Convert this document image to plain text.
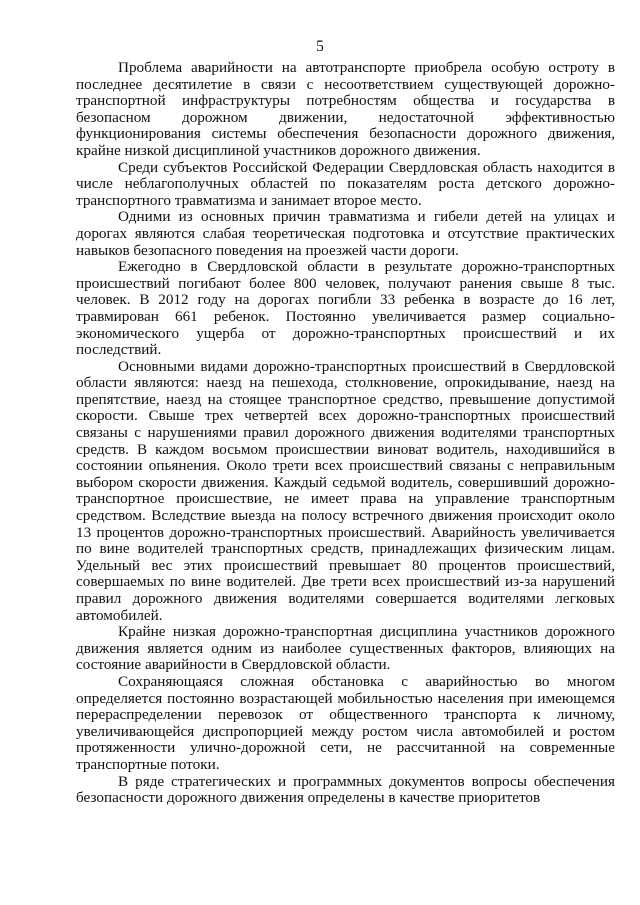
5

Проблема аварийности на автотранспорте приобрела особую остроту в последнее десятилетие в связи с несоответствием существующей дорожно-транспортной инфраструктуры потребностям общества и государства в безопасном дорожном движении, недостаточной эффективностью функционирования системы обеспечения безопасности дорожного движения, крайне низкой дисциплиной участников дорожного движения.

Среди субъектов Российской Федерации Свердловская область находится в числе неблагополучных областей по показателям роста детского дорожно-транспортного травматизма и занимает второе место.

Одними из основных причин травматизма и гибели детей на улицах и дорогах являются слабая теоретическая подготовка и отсутствие практических навыков безопасного поведения на проезжей части дороги.

Ежегодно в Свердловской области в результате дорожно-транспортных происшествий погибают более 800 человек, получают ранения свыше 8 тыс. человек. В 2012 году на дорогах погибли 33 ребенка в возрасте до 16 лет, травмирован 661 ребенок. Постоянно увеличивается размер социально-экономического ущерба от дорожно-транспортных происшествий и их последствий.

Основными видами дорожно-транспортных происшествий в Свердловской области являются: наезд на пешехода, столкновение, опрокидывание, наезд на препятствие, наезд на стоящее транспортное средство, превышение допустимой скорости. Свыше трех четвертей всех дорожно-транспортных происшествий связаны с нарушениями правил дорожного движения водителями транспортных средств. В каждом восьмом происшествии виноват водитель, находившийся в состоянии опьянения. Около трети всех происшествий связаны с неправильным выбором скорости движения. Каждый седьмой водитель, совершивший дорожно-транспортное происшествие, не имеет права на управление транспортным средством. Вследствие выезда на полосу встречного движения происходит около 13 процентов дорожно-транспортных происшествий. Аварийность увеличивается по вине водителей транспортных средств, принадлежащих физическим лицам. Удельный вес этих происшествий превышает 80 процентов происшествий, совершаемых по вине водителей. Две трети всех происшествий из-за нарушений правил дорожного движения водителями совершается водителями легковых автомобилей.

Крайне низкая дорожно-транспортная дисциплина участников дорожного движения является одним из наиболее существенных факторов, влияющих на состояние аварийности в Свердловской области.

Сохраняющаяся сложная обстановка с аварийностью во многом определяется постоянно возрастающей мобильностью населения при имеющемся перераспределении перевозок от общественного транспорта к личному, увеличивающейся диспропорцией между ростом числа автомобилей и ростом протяженности улично-дорожной сети, не рассчитанной на современные транспортные потоки.

В ряде стратегических и программных документов вопросы обеспечения безопасности дорожного движения определены в качестве приоритетов
